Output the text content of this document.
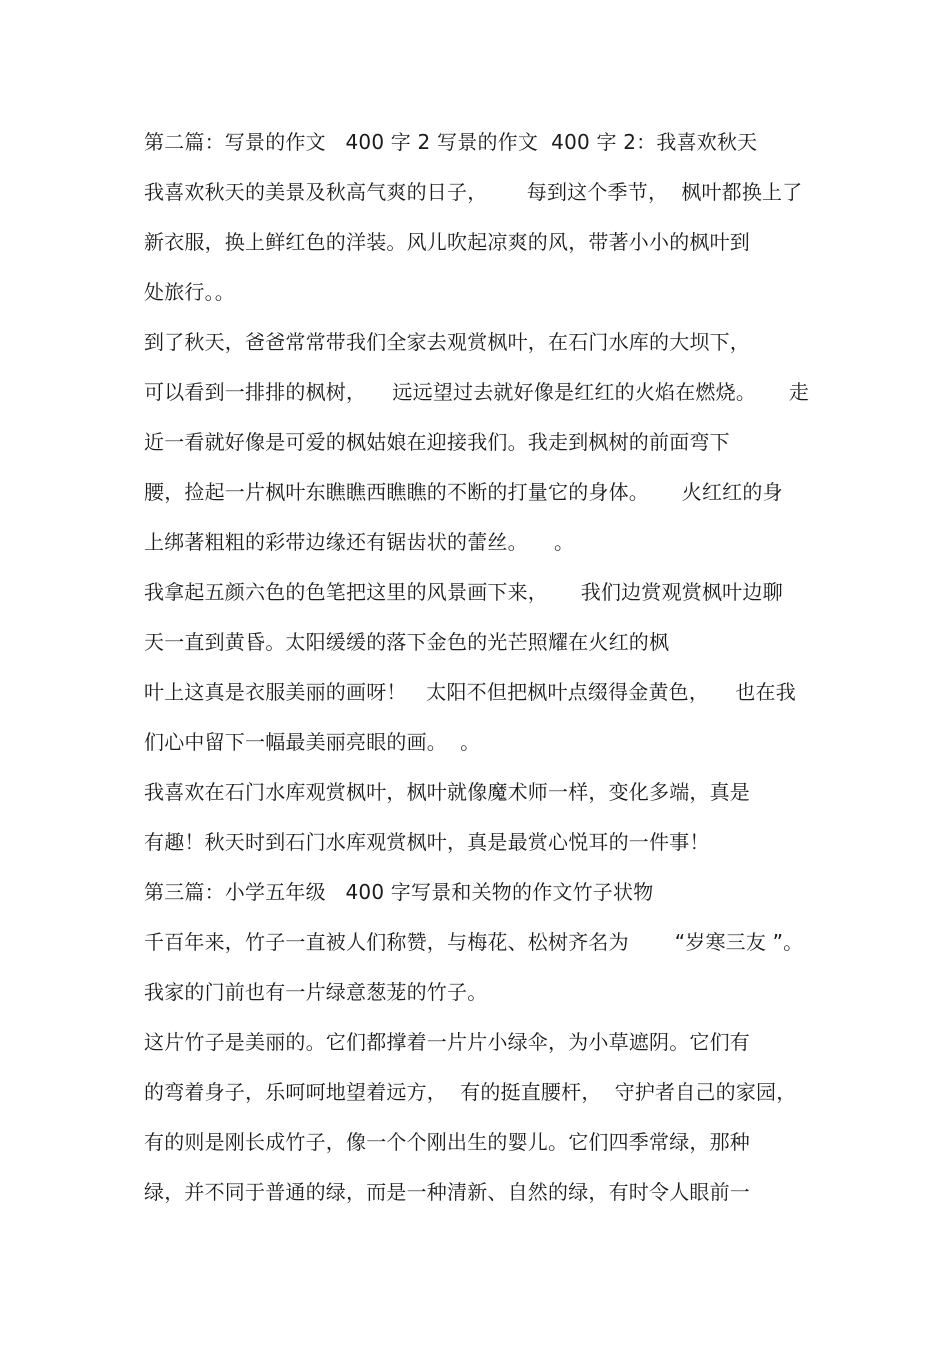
第二篇：写景的作文   400 字 2 写景的作文  400 字 2：我喜欢秋天
我喜欢秋天的美景及秋高气爽的日子，      每到这个季节，  枫叶都换上了
新衣服，换上鲜红色的洋装。风儿吹起凉爽的风，带著小小的枫叶到
处旅行。。
到了秋天，爸爸常常带我们全家去观赏枫叶，在石门水库的大坝下，
可以看到一排排的枫树，    远远望过去就好像是红红的火焰在燃烧。     走
近一看就好像是可爱的枫姑娘在迎接我们。我走到枫树的前面弯下
腰，捡起一片枫叶东瞧瞧西瞧瞧的不断的打量它的身体。     火红红的身
上绑著粗粗的彩带边缘还有锯齿状的蕾丝。    。
我拿起五颜六色的色笔把这里的风景画下来，     我们边赏观赏枫叶边聊
天一直到黄昏。太阳缓缓的落下金色的光芒照耀在火红的枫
叶上这真是衣服美丽的画呀！   太阳不但把枫叶点缀得金黄色，    也在我
们心中留下一幅最美丽亮眼的画。  。
我喜欢在石门水库观赏枫叶，枫叶就像魔术师一样，变化多端，真是
有趣！秋天时到石门水库观赏枫叶，真是最赏心悦耳的一件事！
第三篇：小学五年级   400 字写景和关物的作文竹子状物
千百年来，竹子一直被人们称赞，与梅花、松树齐名为       “岁寒三友 ”。
我家的门前也有一片绿意葱茏的竹子。
这片竹子是美丽的。它们都撑着一片片小绿伞，为小草遮阴。它们有
的弯着身子，乐呵呵地望着远方，  有的挺直腰杆，  守护者自己的家园，
有的则是刚长成竹子，像一个个刚出生的婴儿。它们四季常绿，那种
绿，并不同于普通的绿，而是一种清新、自然的绿，有时令人眼前一
